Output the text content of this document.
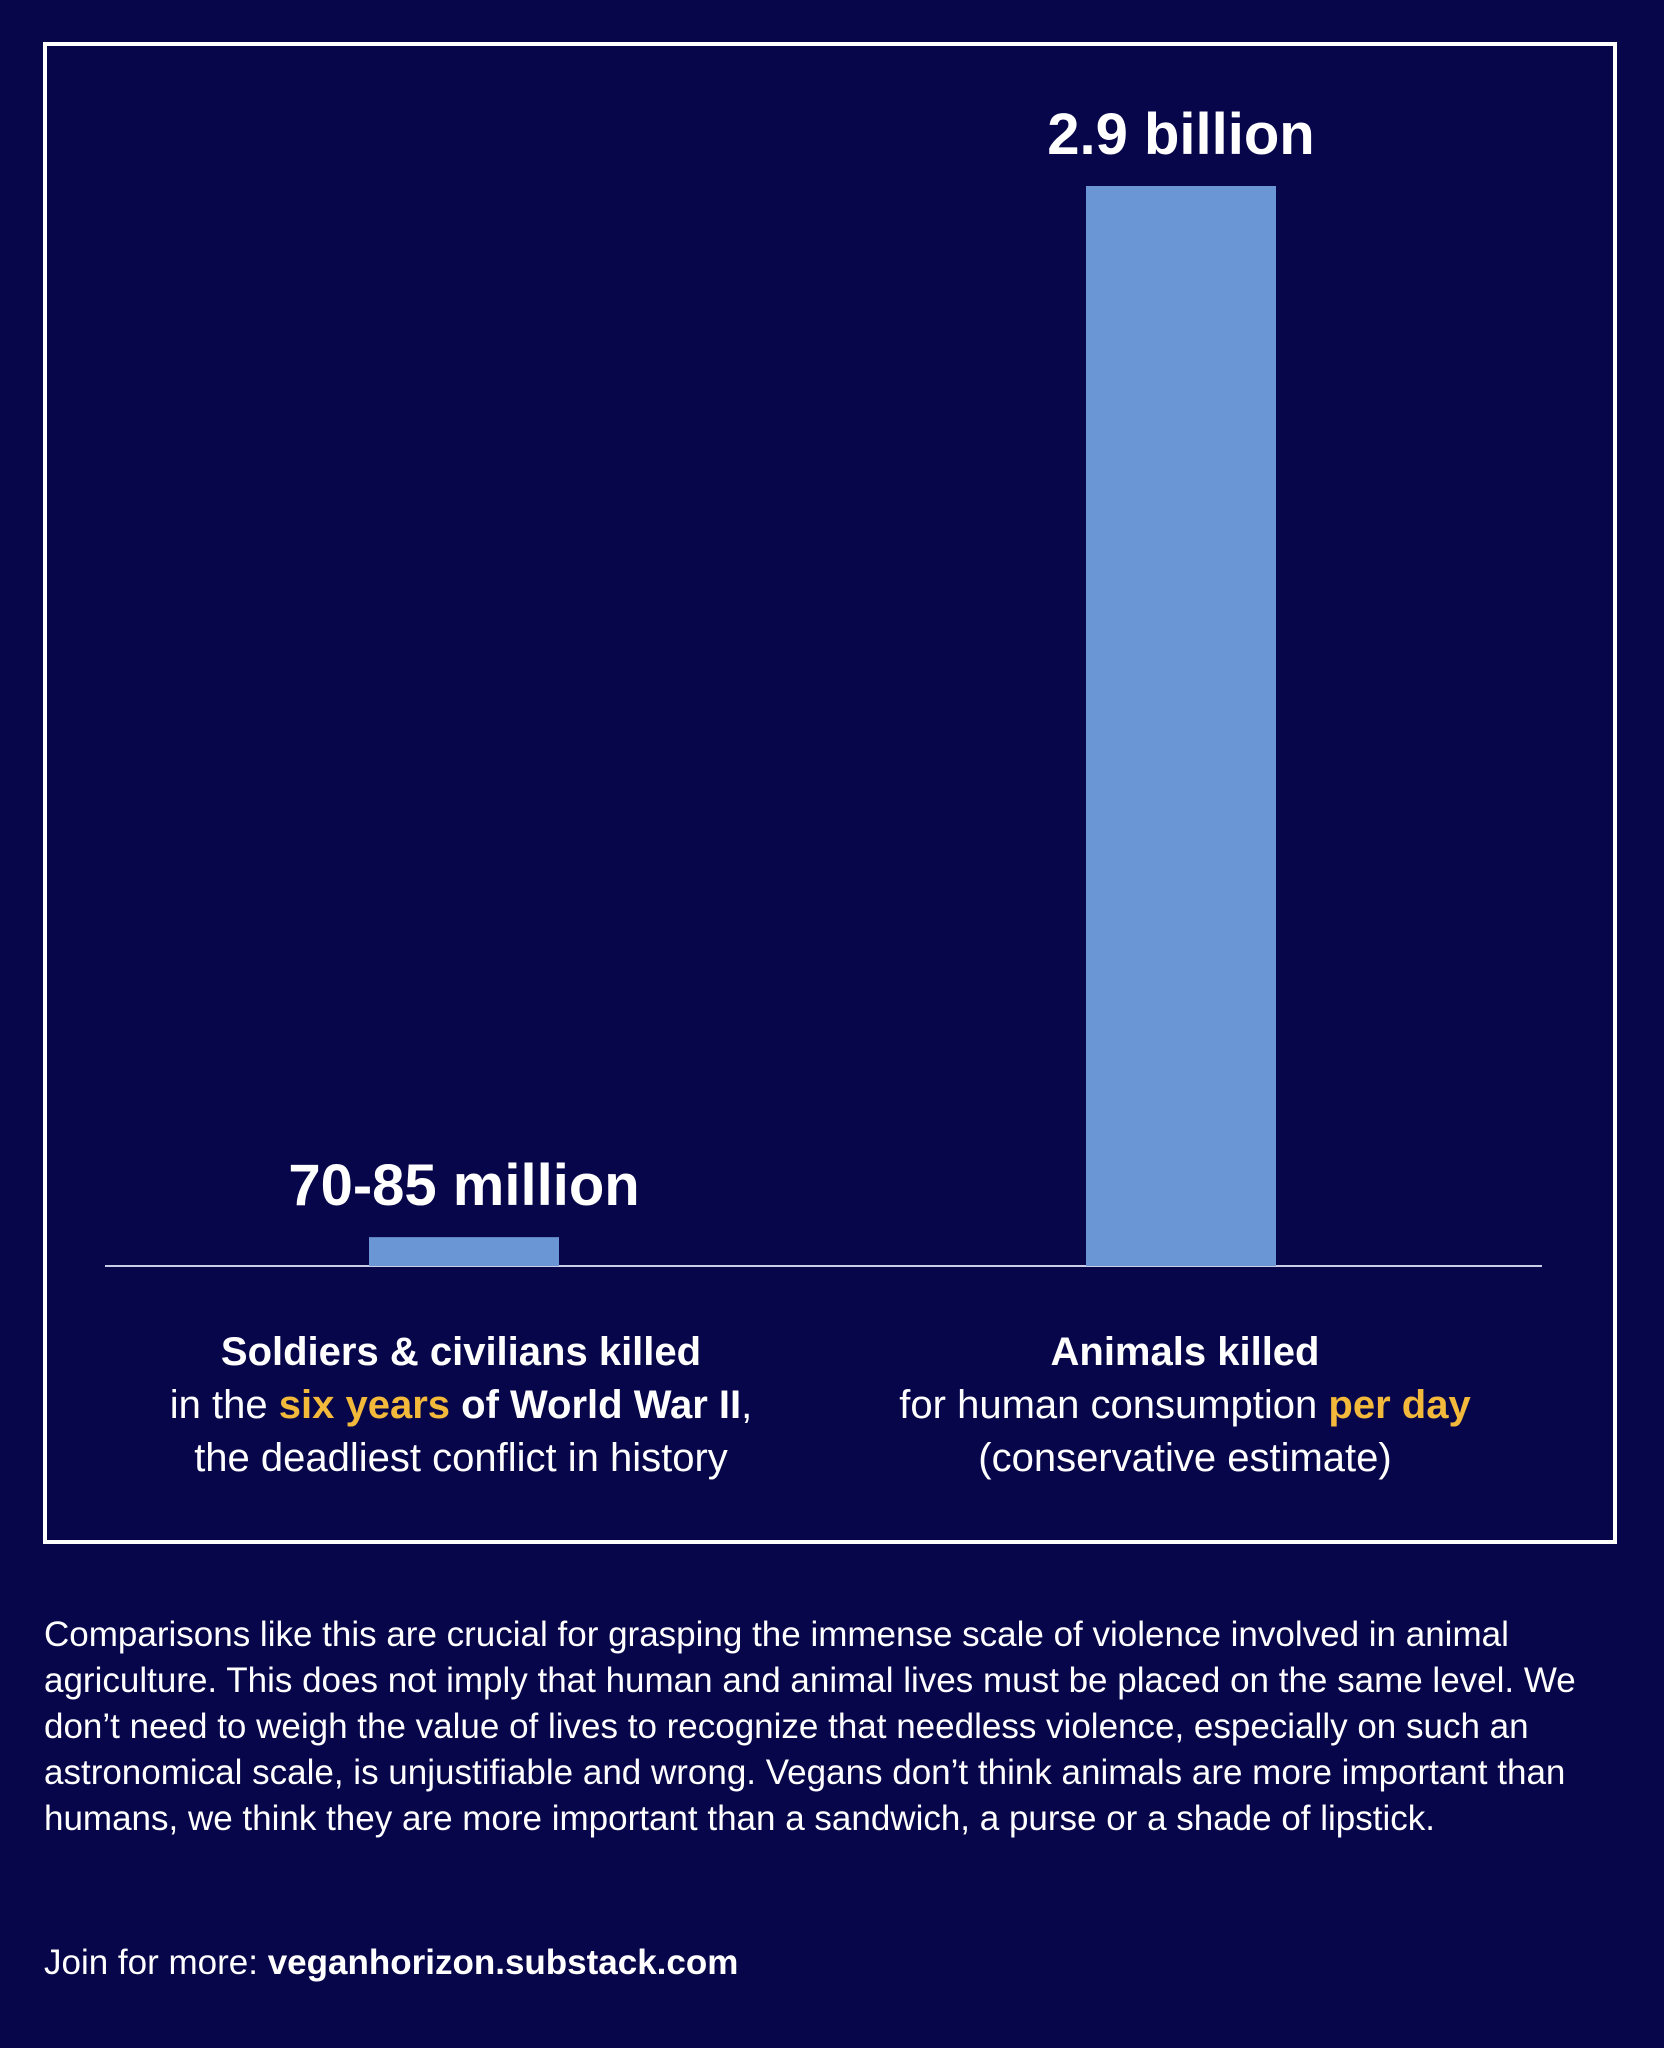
70-85 million
2.9 billion
Soldiers & civilians killed
in the six years of World War II,
the deadliest conflict in history
Animals killed
for human consumption per day
(conservative estimate)

Comparisons like this are crucial for grasping the immense scale of violence involved in animal agriculture. This does not imply that human and animal lives must be placed on the same level. We don’t need to weigh the value of lives to recognize that needless violence, especially on such an astronomical scale, is unjustifiable and wrong. Vegans don’t think animals are more important than humans, we think they are more important than a sandwich, a purse or a shade of lipstick.

Join for more: veganhorizon.substack.com
